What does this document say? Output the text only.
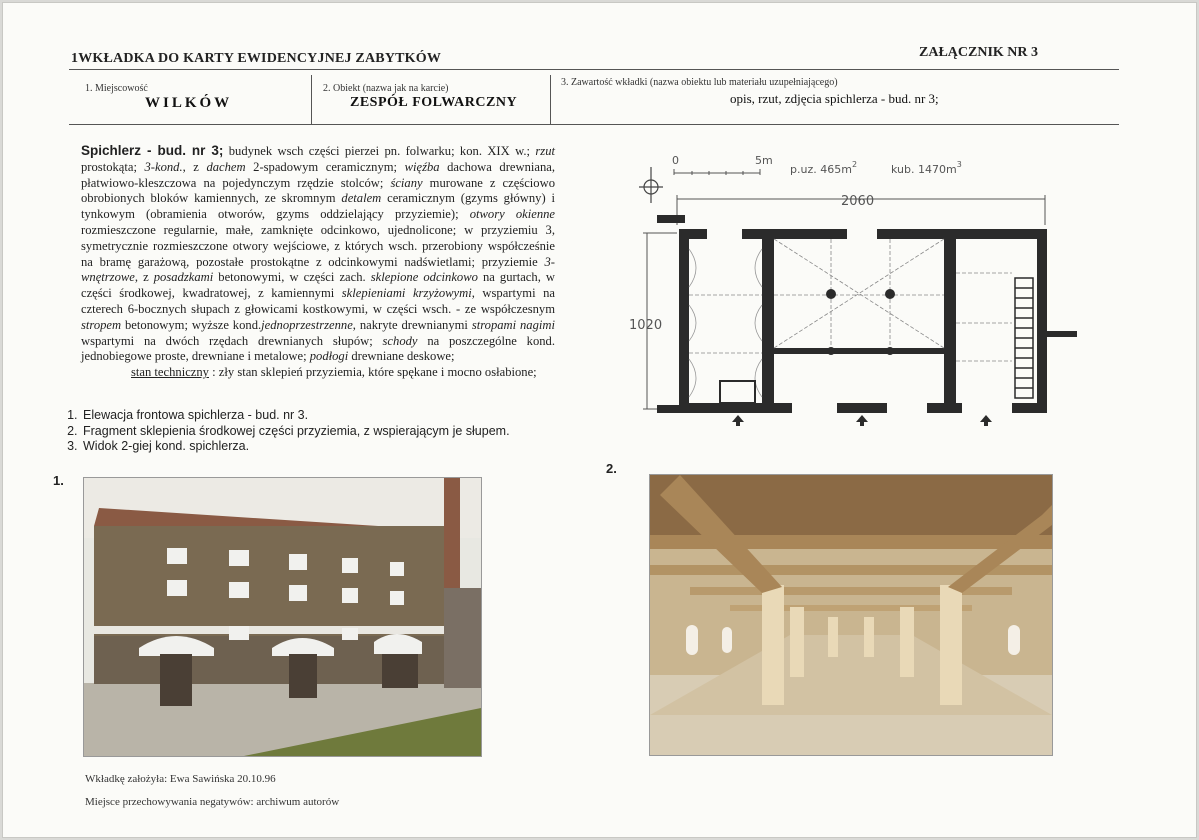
1WKŁADKA DO KARTY EWIDENCYJNEJ ZABYTKÓW	ZAŁĄCZNIK NR 3
1. Miejscowość
WILKÓW
2. Obiekt (nazwa jak na karcie)
ZESPÓŁ FOLWARCZNY
3. Zawartość wkładki (nazwa obiektu lub materiału uzupełniającego)
opis, rzut, zdjęcia spichlerza - bud. nr 3;
Spichlerz - bud. nr 3; budynek wsch części pierzei pn. folwarku; kon. XIX w.; rzut prostokąta; 3-kond., z dachem 2-spadowym ceramicznym; więźba dachowa drewniana, płatwiowo-kleszczowa na pojedynczym rzędzie stolców; ściany murowane z częściowo obrobionych bloków kamiennych, ze skromnym detalem ceramicznym (gzyms główny) i tynkowym (obramienia otworów, gzyms oddzielający przyziemie); otwory okienne rozmieszczone regularnie, małe, zamknięte odcinkowo, ujednolicone; w przyziemiu 3, symetrycznie rozmieszczone otwory wejściowe, z których wsch. przerobiony współcześnie na bramę garażową, pozostałe prostokątne z odcinkowymi nadświetlami; przyziemie 3-wnętrzowe, z posadzkami betonowymi, w części zach. sklepione odcinkowo na gurtach, w części środkowej, kwadratowej, z kamiennymi sklepieniami krzyżowymi, wspartymi na czterech 6-bocznych słupach z głowicami kostkowymi, w części wsch. - ze współczesnym stropem betonowym; wyższe kond.jednoprzestrzenne, nakryte drewnianymi stropami nagimi wspartymi na dwóch rzędach drewnianych słupów; schody na poszczególne kond. jednobiegowe proste, drewniane i metalowe; podłogi drewniane deskowe;
stan techniczny : zły stan sklepień przyziemia, które spękane i mocno osłabione;
1. Elewacja frontowa spichlerza - bud. nr 3.
2. Fragment sklepienia środkowej części przyziemia, z wspierającym je słupem.
3. Widok 2-giej kond. spichlerza.
0	5m
p.uz. $465m^2$	kub. $1470m^3$
2060
1020
1.
2.
Wkładkę założyła: Ewa Sawińska 20.10.96
Miejsce przechowywania negatywów: archiwum autorów
